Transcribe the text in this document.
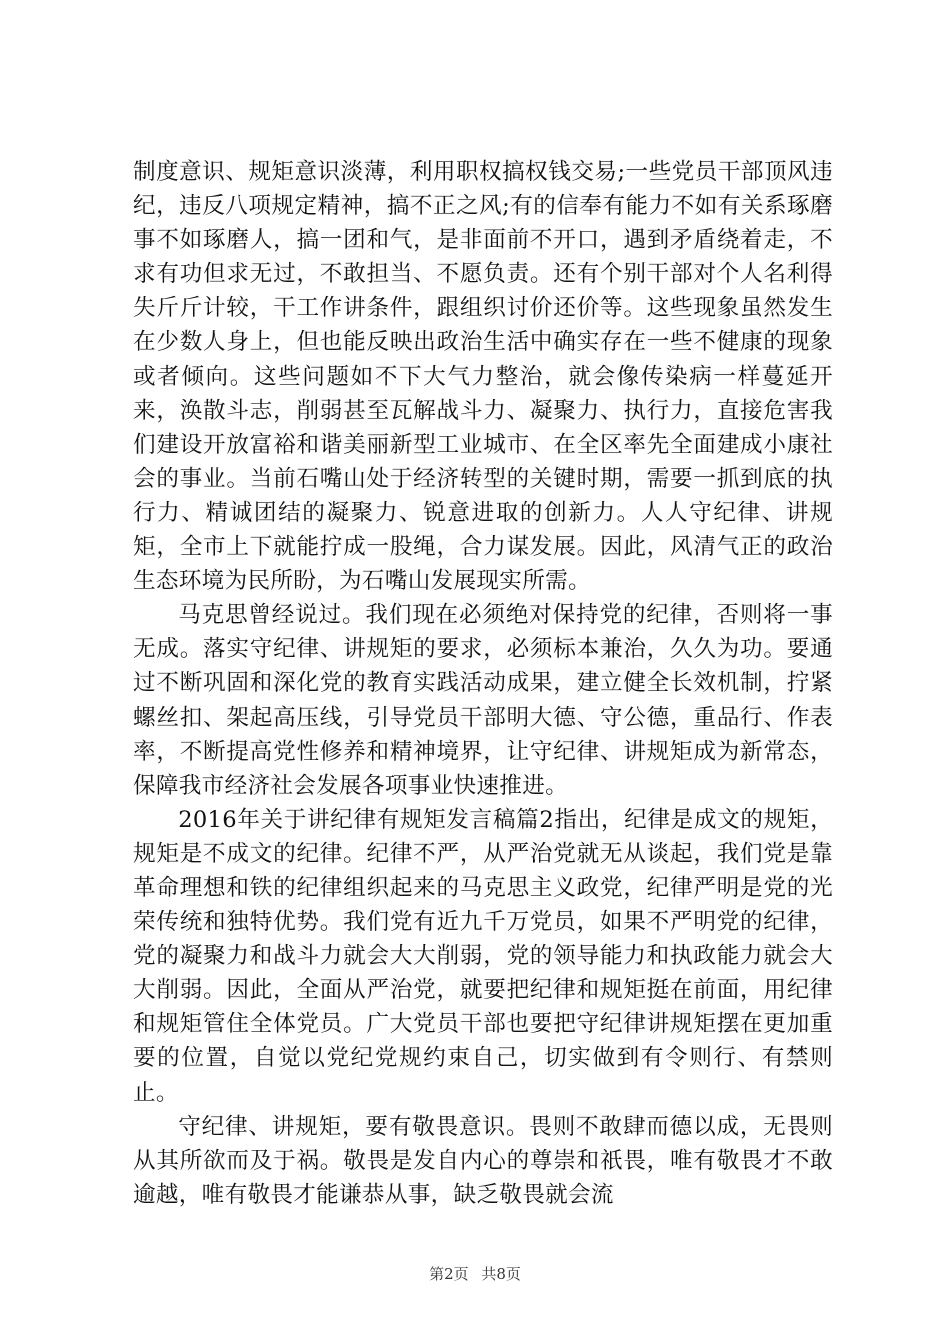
制度意识、规矩意识淡薄，利用职权搞权钱交易;一些党员干部顶风违纪，违反八项规定精神，搞不正之风;有的信奉有能力不如有关系琢磨事不如琢磨人，搞一团和气，是非面前不开口，遇到矛盾绕着走，不求有功但求无过，不敢担当、不愿负责。还有个别干部对个人名利得失斤斤计较，干工作讲条件，跟组织讨价还价等。这些现象虽然发生在少数人身上，但也能反映出政治生活中确实存在一些不健康的现象或者倾向。这些问题如不下大气力整治，就会像传染病一样蔓延开来，涣散斗志，削弱甚至瓦解战斗力、凝聚力、执行力，直接危害我们建设开放富裕和谐美丽新型工业城市、在全区率先全面建成小康社会的事业。当前石嘴山处于经济转型的关键时期，需要一抓到底的执行力、精诚团结的凝聚力、锐意进取的创新力。人人守纪律、讲规矩，全市上下就能拧成一股绳，合力谋发展。因此，风清气正的政治生态环境为民所盼，为石嘴山发展现实所需。

马克思曾经说过。我们现在必须绝对保持党的纪律，否则将一事无成。落实守纪律、讲规矩的要求，必须标本兼治，久久为功。要通过不断巩固和深化党的教育实践活动成果，建立健全长效机制，拧紧螺丝扣、架起高压线，引导党员干部明大德、守公德，重品行、作表率，不断提高党性修养和精神境界，让守纪律、讲规矩成为新常态，保障我市经济社会发展各项事业快速推进。

2016年关于讲纪律有规矩发言稿篇2指出，纪律是成文的规矩，规矩是不成文的纪律。纪律不严，从严治党就无从谈起，我们党是靠革命理想和铁的纪律组织起来的马克思主义政党，纪律严明是党的光荣传统和独特优势。我们党有近九千万党员，如果不严明党的纪律，党的凝聚力和战斗力就会大大削弱，党的领导能力和执政能力就会大大削弱。因此，全面从严治党，就要把纪律和规矩挺在前面，用纪律和规矩管住全体党员。广大党员干部也要把守纪律讲规矩摆在更加重要的位置，自觉以党纪党规约束自己，切实做到有令则行、有禁则止。

守纪律、讲规矩，要有敬畏意识。畏则不敢肆而德以成，无畏则从其所欲而及于祸。敬畏是发自内心的尊崇和祇畏，唯有敬畏才不敢逾越，唯有敬畏才能谦恭从事，缺乏敬畏就会流

第2页 共8页
